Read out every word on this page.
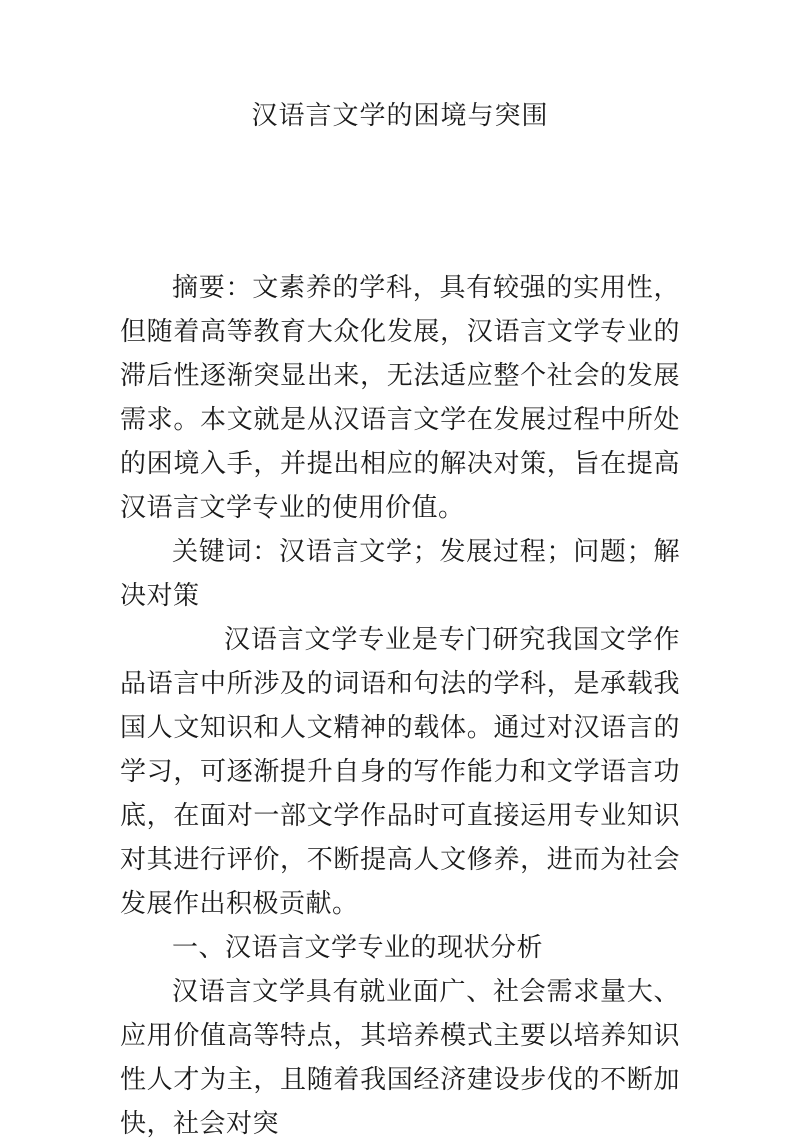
汉语言文学的困境与突围

摘要：文素养的学科，具有较强的实用性，但随着高等教育大众化发展，汉语言文学专业的滞后性逐渐突显出来，无法适应整个社会的发展需求。本文就是从汉语言文学在发展过程中所处的困境入手，并提出相应的解决对策，旨在提高汉语言文学专业的使用价值。

关键词：汉语言文学；发展过程；问题；解决对策

汉语言文学专业是专门研究我国文学作品语言中所涉及的词语和句法的学科，是承载我国人文知识和人文精神的载体。通过对汉语言的学习，可逐渐提升自身的写作能力和文学语言功底，在面对一部文学作品时可直接运用专业知识对其进行评价，不断提高人文修养，进而为社会发展作出积极贡献。

一、汉语言文学专业的现状分析

汉语言文学具有就业面广、社会需求量大、应用价值高等特点，其培养模式主要以培养知识性人才为主，且随着我国经济建设步伐的不断加快，社会对突
